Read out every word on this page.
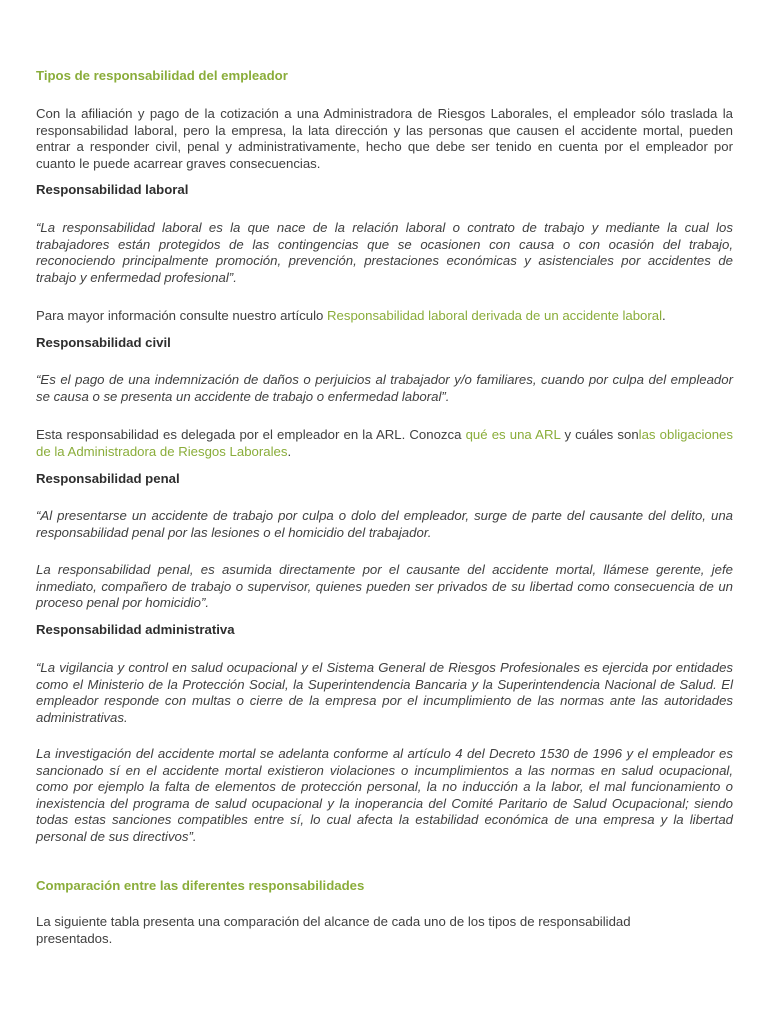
Tipos de responsabilidad del empleador

Con la afiliación y pago de la cotización a una Administradora de Riesgos Laborales, el empleador sólo traslada la responsabilidad laboral, pero la empresa, la lata dirección y las personas que causen el accidente mortal, pueden entrar a responder civil, penal y administrativamente, hecho que debe ser tenido en cuenta por el empleador por cuanto le puede acarrear graves consecuencias.

Responsabilidad laboral

“La responsabilidad laboral es la que nace de la relación laboral o contrato de trabajo y mediante la cual los trabajadores están protegidos de las contingencias que se ocasionen con causa o con ocasión del trabajo, reconociendo principalmente promoción, prevención, prestaciones económicas y asistenciales por accidentes de trabajo y enfermedad profesional”.

Para mayor información consulte nuestro artículo Responsabilidad laboral derivada de un accidente laboral.

Responsabilidad civil

“Es el pago de una indemnización de daños o perjuicios al trabajador y/o familiares, cuando por culpa del empleador se causa o se presenta un accidente de trabajo o enfermedad laboral”.

Esta responsabilidad es delegada por el empleador en la ARL. Conozca qué es una ARL y cuáles sonlas obligaciones de la Administradora de Riesgos Laborales.

Responsabilidad penal

“Al presentarse un accidente de trabajo por culpa o dolo del empleador, surge de parte del causante del delito, una responsabilidad penal por las lesiones o el homicidio del trabajador.

La responsabilidad penal, es asumida directamente por el causante del accidente mortal, llámese gerente, jefe inmediato, compañero de trabajo o supervisor, quienes pueden ser privados de su libertad como consecuencia de un proceso penal por homicidio”.

Responsabilidad administrativa

“La vigilancia y control en salud ocupacional y el Sistema General de Riesgos Profesionales es ejercida por entidades como el Ministerio de la Protección Social, la Superintendencia Bancaria y la Superintendencia Nacional de Salud. El empleador responde con multas o cierre de la empresa por el incumplimiento de las normas ante las autoridades administrativas.

La investigación del accidente mortal se adelanta conforme al artículo 4 del Decreto 1530 de 1996 y el empleador es sancionado sí en el accidente mortal existieron violaciones o incumplimientos a las normas en salud ocupacional, como por ejemplo la falta de elementos de protección personal, la no inducción a la labor, el mal funcionamiento o inexistencia del programa de salud ocupacional y la inoperancia del Comité Paritario de Salud Ocupacional; siendo todas estas sanciones compatibles entre sí, lo cual afecta la estabilidad económica de una empresa y la libertad personal de sus directivos”.

Comparación entre las diferentes responsabilidades

La siguiente tabla presenta una comparación del alcance de cada uno de los tipos de responsabilidad presentados.
